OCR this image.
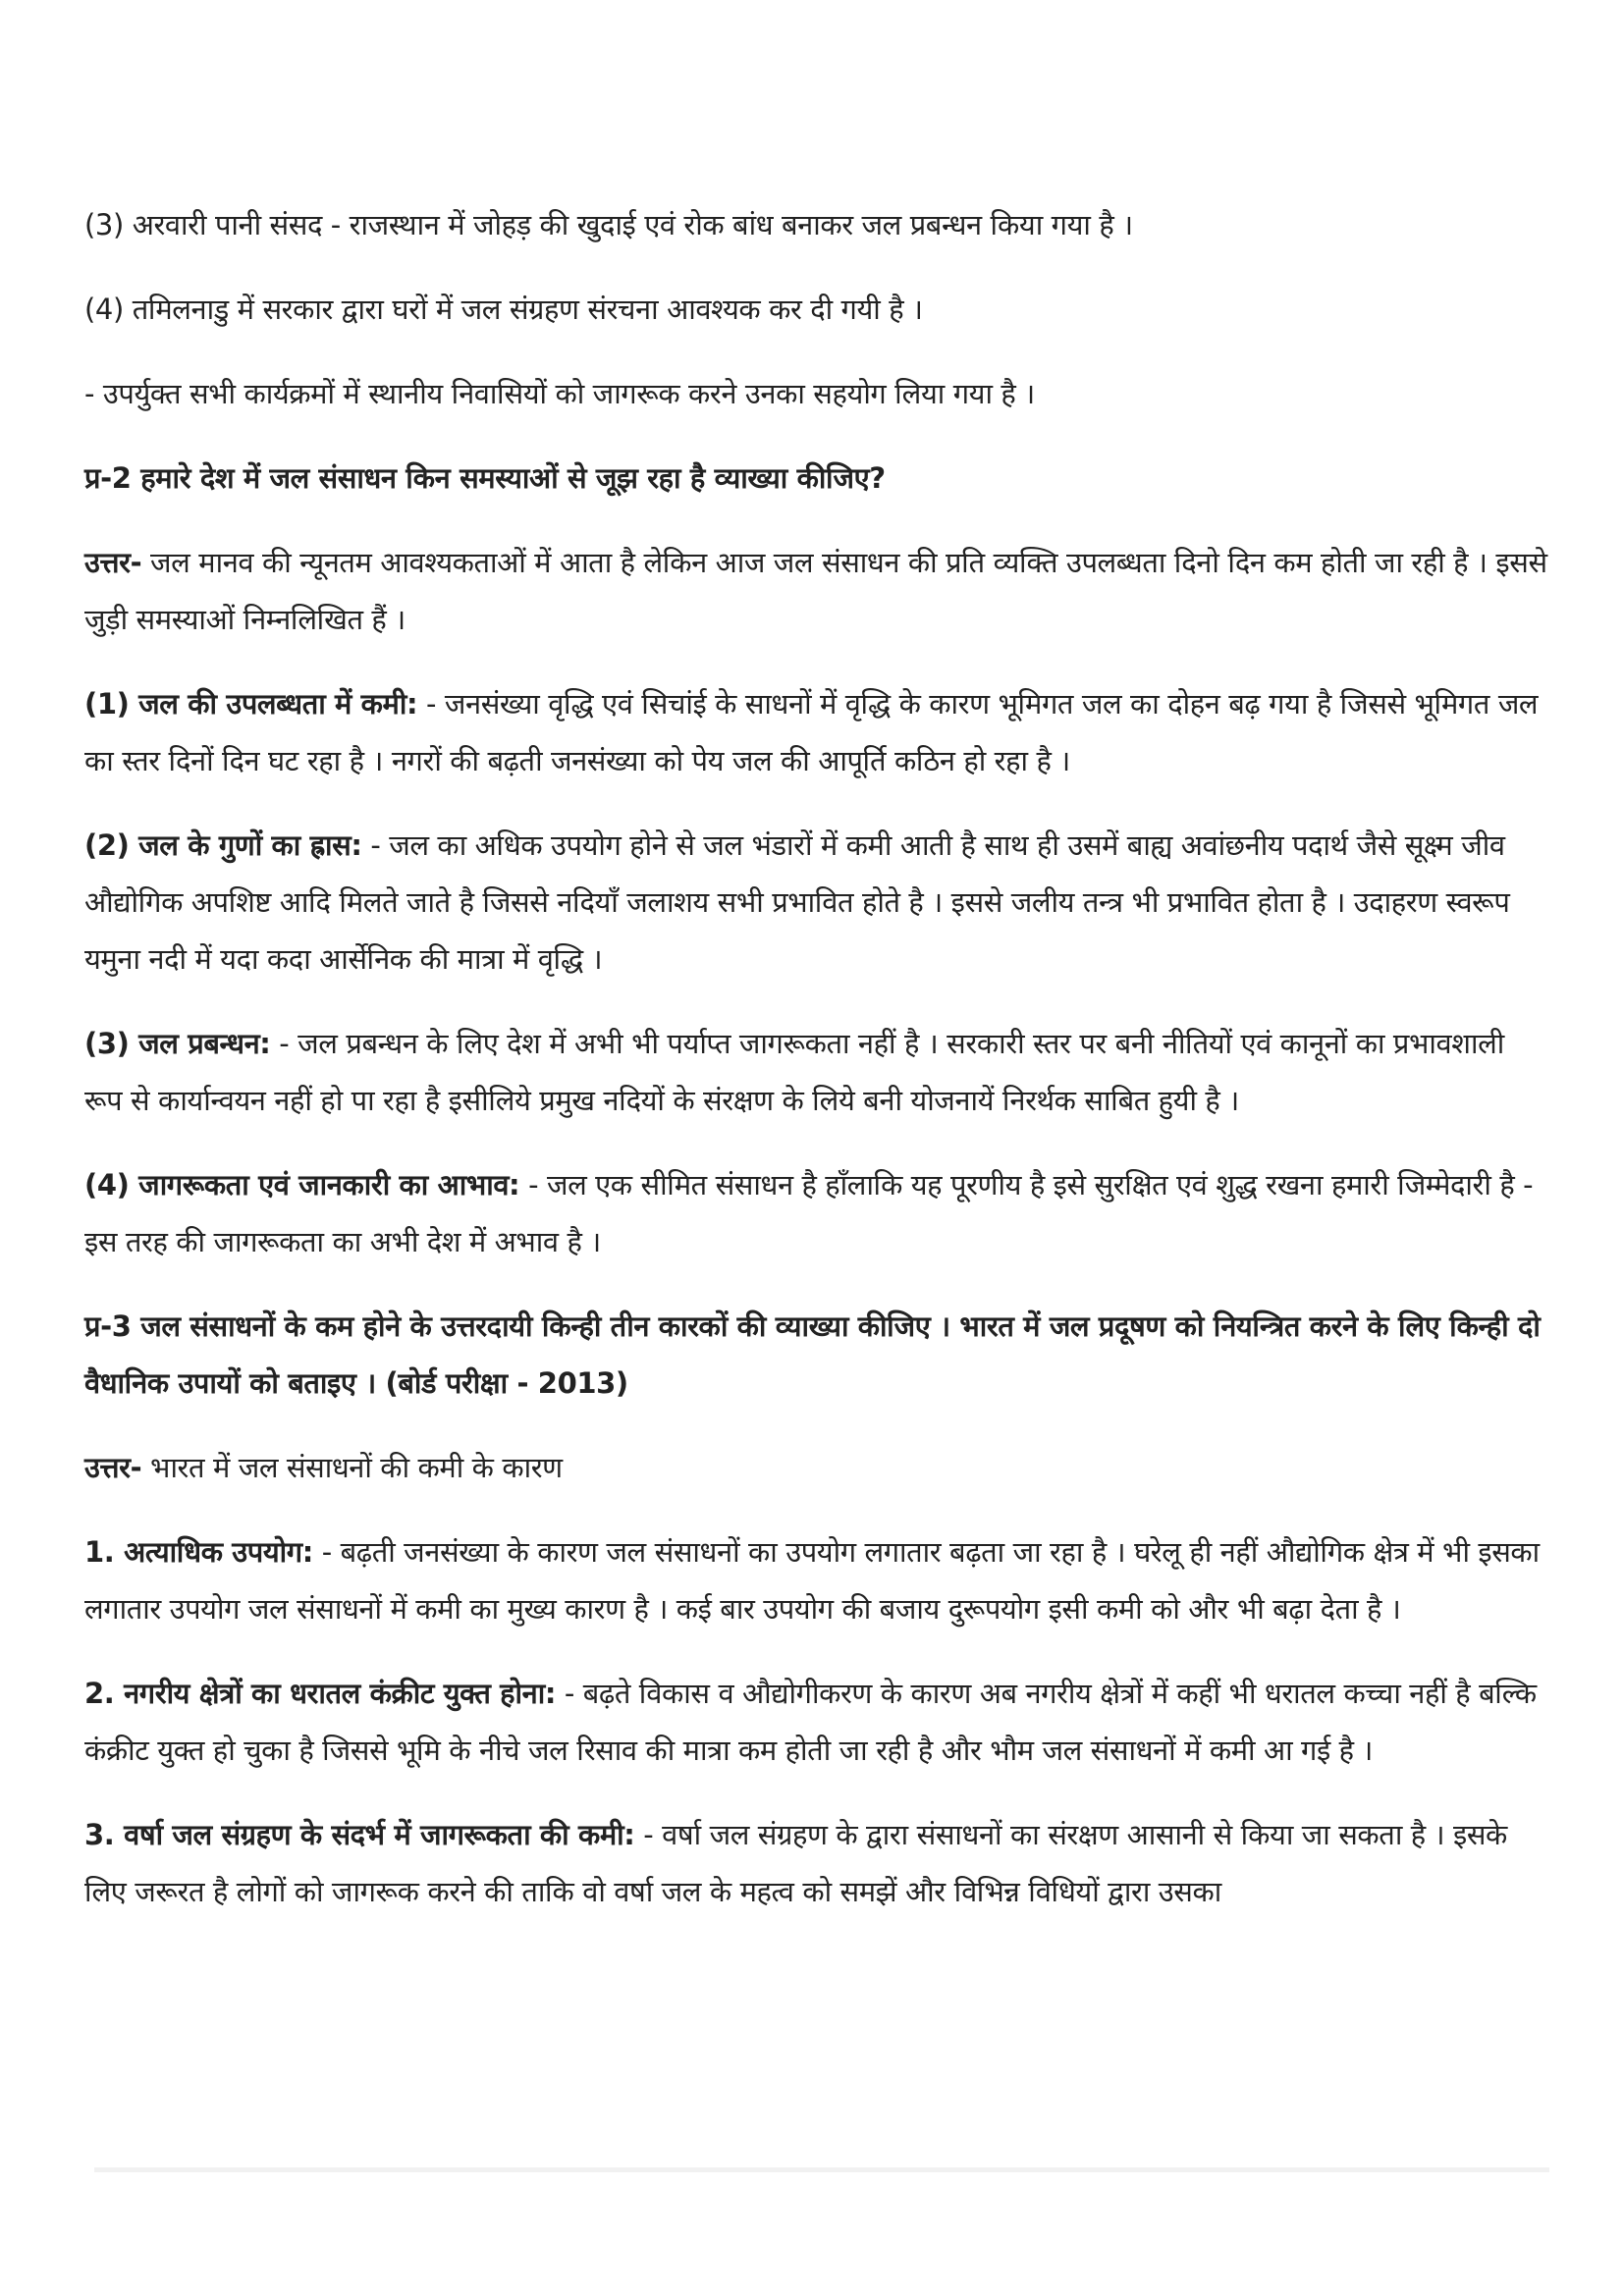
(3) अरवारी पानी संसद - राजस्थान में जोहड़ की खुदाई एवं रोक बांध बनाकर जल प्रबन्धन किया गया है ।

(4) तमिलनाडु में सरकार द्वारा घरों में जल संग्रहण संरचना आवश्यक कर दी गयी है ।

- उपर्युक्त सभी कार्यक्रमों में स्थानीय निवासियों को जागरूक करने उनका सहयोग लिया गया है ।

प्र-2 हमारे देश में जल संसाधन किन समस्याओं से जूझ रहा है व्याख्या कीजिए?

उत्तर- जल मानव की न्यूनतम आवश्यकताओं में आता है लेकिन आज जल संसाधन की प्रति व्यक्ति उपलब्धता दिनो दिन कम होती जा रही है । इससे जुड़ी समस्याओं निम्नलिखित हैं ।

(1) जल की उपलब्धता में कमी: - जनसंख्या वृद्धि एवं सिचांई के साधनों में वृद्धि के कारण भूमिगत जल का दोहन बढ़ गया है जिससे भूमिगत जल का स्तर दिनों दिन घट रहा है । नगरों की बढ़ती जनसंख्या को पेय जल की आपूर्ति कठिन हो रहा है ।

(2) जल के गुणों का ह्रास: - जल का अधिक उपयोग होने से जल भंडारों में कमी आती है साथ ही उसमें बाह्य अवांछनीय पदार्थ जैसे सूक्ष्म जीव औद्योगिक अपशिष्ट आदि मिलते जाते है जिससे नदियाँ जलाशय सभी प्रभावित होते है । इससे जलीय तन्त्र भी प्रभावित होता है । उदाहरण स्वरूप यमुना नदी में यदा कदा आर्सेनिक की मात्रा में वृद्धि ।

(3) जल प्रबन्धन: - जल प्रबन्धन के लिए देश में अभी भी पर्याप्त जागरूकता नहीं है । सरकारी स्तर पर बनी नीतियों एवं कानूनों का प्रभावशाली रूप से कार्यान्वयन नहीं हो पा रहा है इसीलिये प्रमुख नदियों के संरक्षण के लिये बनी योजनायें निरर्थक साबित हुयी है ।

(4) जागरूकता एवं जानकारी का आभाव: - जल एक सीमित संसाधन है हाँलाकि यह पूरणीय है इसे सुरक्षित एवं शुद्ध रखना हमारी जिम्मेदारी है - इस तरह की जागरूकता का अभी देश में अभाव है ।

प्र-3 जल संसाधनों के कम होने के उत्तरदायी किन्ही तीन कारकों की व्याख्या कीजिए । भारत में जल प्रदूषण को नियन्त्रित करने के लिए किन्ही दो वैधानिक उपायों को बताइए । (बोर्ड परीक्षा - 2013)

उत्तर- भारत में जल संसाधनों की कमी के कारण

1. अत्याधिक उपयोग: - बढ़ती जनसंख्या के कारण जल संसाधनों का उपयोग लगातार बढ़ता जा रहा है । घरेलू ही नहीं औद्योगिक क्षेत्र में भी इसका लगातार उपयोग जल संसाधनों में कमी का मुख्य कारण है । कई बार उपयोग की बजाय दुरूपयोग इसी कमी को और भी बढ़ा देता है ।

2. नगरीय क्षेत्रों का धरातल कंक्रीट युक्त होना: - बढ़ते विकास व औद्योगीकरण के कारण अब नगरीय क्षेत्रों में कहीं भी धरातल कच्चा नहीं है बल्कि कंक्रीट युक्त हो चुका है जिससे भूमि के नीचे जल रिसाव की मात्रा कम होती जा रही है और भौम जल संसाधनों में कमी आ गई है ।

3. वर्षा जल संग्रहण के संदर्भ में जागरूकता की कमी: - वर्षा जल संग्रहण के द्वारा संसाधनों का संरक्षण आसानी से किया जा सकता है । इसके लिए जरूरत है लोगों को जागरूक करने की ताकि वो वर्षा जल के महत्व को समझें और विभिन्न विधियों द्वारा उसका
